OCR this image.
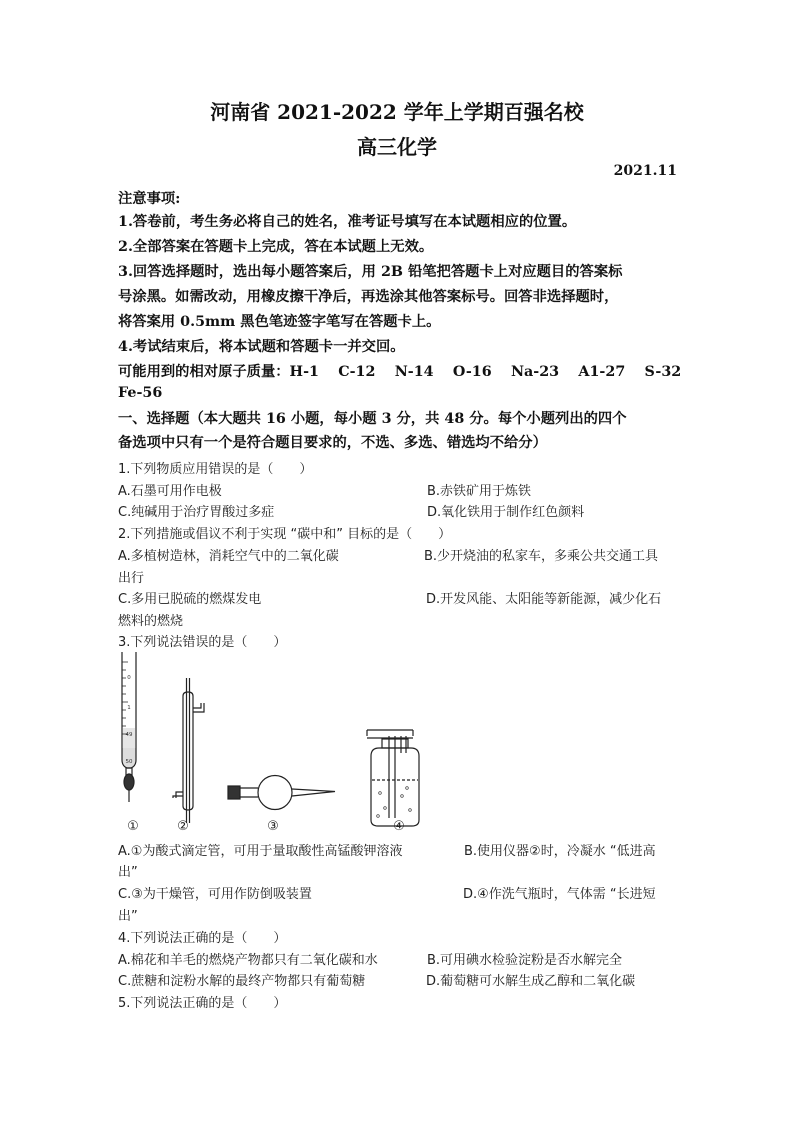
河南省 2021-2022 学年上学期百强名校
高三化学
2021.11
注意事项:
1.答卷前，考生务必将自己的姓名，准考证号填写在本试题相应的位置。
2.全部答案在答题卡上完成，答在本试题上无效。
3.回答选择题时，选出每小题答案后，用 2B 铅笔把答题卡上对应题目的答案标
号涂黑。如需改动，用橡皮擦干净后，再选涂其他答案标号。回答非选择题时，
将答案用 0.5mm 黑色笔迹签字笔写在答题卡上。
4.考试结束后，将本试题和答题卡一并交回。
可能用到的相对原子质量：H-1　 C-12 　N-14 　O-16 　Na-23 　A1-27 　S-32
Fe-56
一、选择题（本大题共 16 小题，每小题 3 分，共 48 分。每个小题列出的四个
备选项中只有一个是符合题目要求的，不选、多选、错选均不给分）
1.下列物质应用错误的是（　　）
A.石墨可用作电极	B.赤铁矿用于炼铁
C.纯碱用于治疗胃酸过多症	D.氧化铁用于制作红色颜料
2.下列措施或倡议不利于实现 “碳中和” 目标的是（　　）
A.多植树造林，消耗空气中的二氧化碳	B.少开烧油的私家车，多乘公共交通工具
出行
C.多用已脱硫的燃煤发电	D.开发风能、太阳能等新能源，减少化石
燃料的燃烧
3.下列说法错误的是（　　）
0
1
49
50
①	②	③	④
A.①为酸式滴定管，可用于量取酸性高锰酸钾溶液	B.使用仪器②时，冷凝水 “低进高
出”
C.③为干燥管，可用作防倒吸装置	D.④作洗气瓶时，气体需 “长进短
出”
4.下列说法正确的是（　　）
A.棉花和羊毛的燃烧产物都只有二氧化碳和水	B.可用碘水检验淀粉是否水解完全
C.蔗糖和淀粉水解的最终产物都只有葡萄糖	D.葡萄糖可水解生成乙醇和二氧化碳
5.下列说法正确的是（　　）
